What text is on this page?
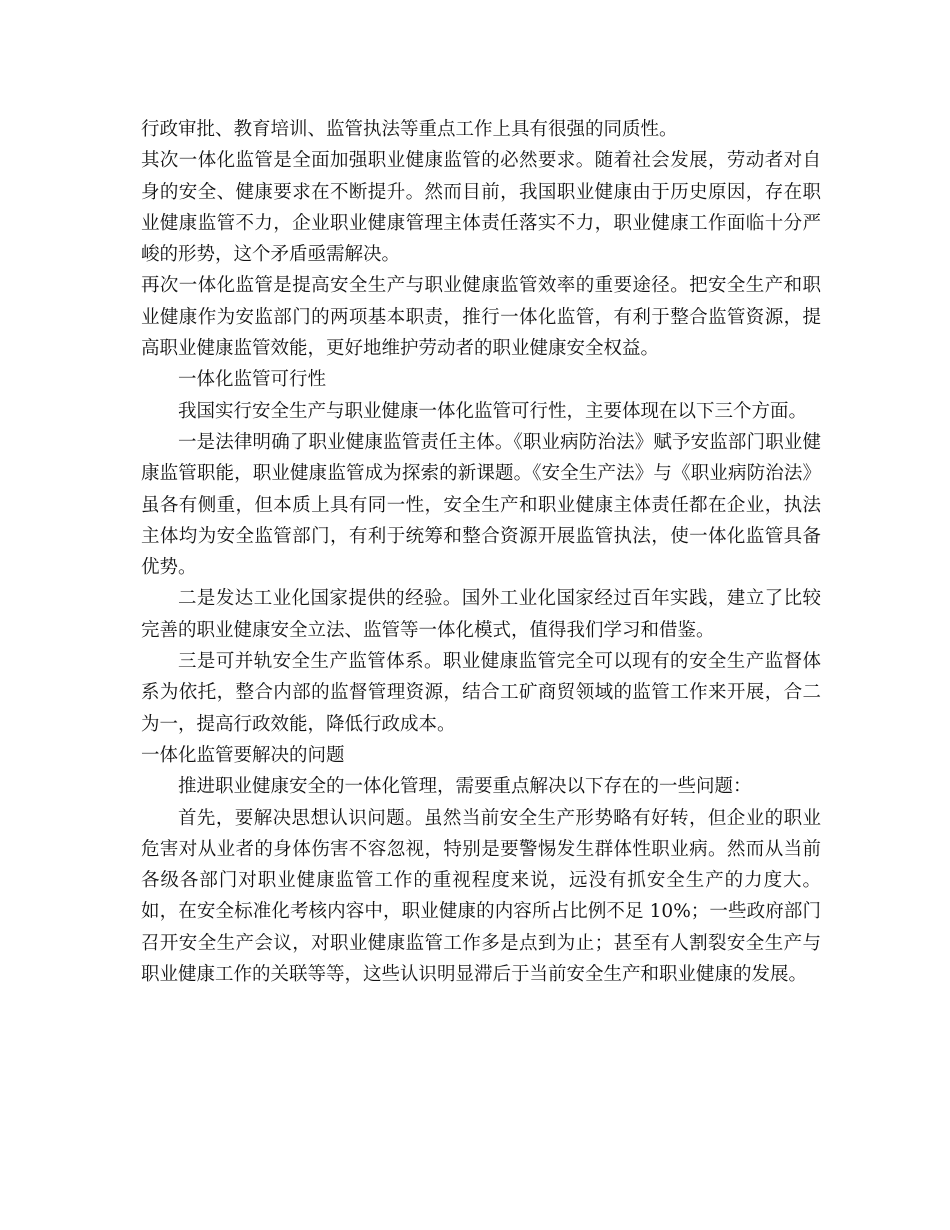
行政审批、教育培训、监管执法等重点工作上具有很强的同质性。

其次一体化监管是全面加强职业健康监管的必然要求。随着社会发展，劳动者对自身的安全、健康要求在不断提升。然而目前，我国职业健康由于历史原因，存在职业健康监管不力，企业职业健康管理主体责任落实不力，职业健康工作面临十分严峻的形势，这个矛盾亟需解决。

再次一体化监管是提高安全生产与职业健康监管效率的重要途径。把安全生产和职业健康作为安监部门的两项基本职责，推行一体化监管，有利于整合监管资源，提高职业健康监管效能，更好地维护劳动者的职业健康安全权益。

一体化监管可行性

我国实行安全生产与职业健康一体化监管可行性，主要体现在以下三个方面。

一是法律明确了职业健康监管责任主体。《职业病防治法》赋予安监部门职业健康监管职能，职业健康监管成为探索的新课题。《安全生产法》与《职业病防治法》虽各有侧重，但本质上具有同一性，安全生产和职业健康主体责任都在企业，执法主体均为安全监管部门，有利于统筹和整合资源开展监管执法，使一体化监管具备优势。

二是发达工业化国家提供的经验。国外工业化国家经过百年实践，建立了比较完善的职业健康安全立法、监管等一体化模式，值得我们学习和借鉴。

三是可并轨安全生产监管体系。职业健康监管完全可以现有的安全生产监督体系为依托，整合内部的监督管理资源，结合工矿商贸领域的监管工作来开展，合二为一，提高行政效能，降低行政成本。

一体化监管要解决的问题

推进职业健康安全的一体化管理，需要重点解决以下存在的一些问题：

首先，要解决思想认识问题。虽然当前安全生产形势略有好转，但企业的职业危害对从业者的身体伤害不容忽视，特别是要警惕发生群体性职业病。然而从当前各级各部门对职业健康监管工作的重视程度来说，远没有抓安全生产的力度大。如，在安全标准化考核内容中，职业健康的内容所占比例不足 10%；一些政府部门召开安全生产会议，对职业健康监管工作多是点到为止；甚至有人割裂安全生产与职业健康工作的关联等等，这些认识明显滞后于当前安全生产和职业健康的发展。
